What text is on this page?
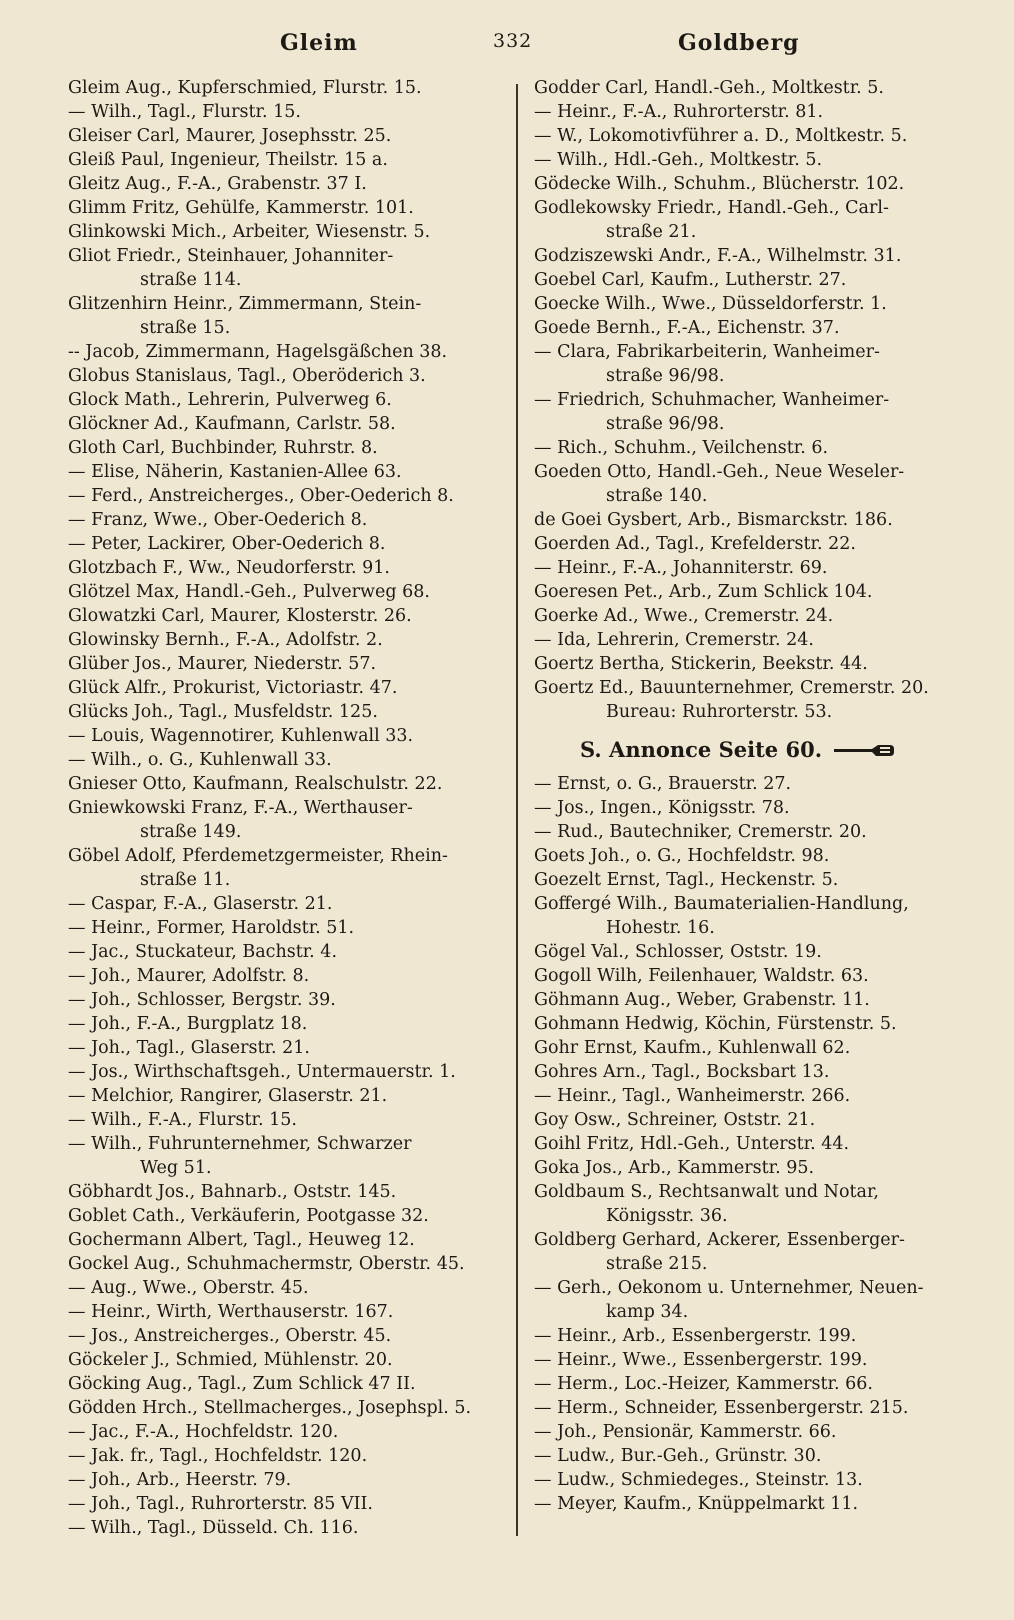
Gleim	332	Goldberg
Gleim Aug., Kupferschmied, Flurstr. 15.
— Wilh., Tagl., Flurstr. 15.
Gleiser Carl, Maurer, Josephsstr. 25.
Gleiß Paul, Ingenieur, Theilstr. 15 a.
Gleitz Aug., F.-A., Grabenstr. 37 I.
Glimm Fritz, Gehülfe, Kammerstr. 101.
Glinkowski Mich., Arbeiter, Wiesenstr. 5.
Gliot Friedr., Steinhauer, Johanniter-
straße 114.
Glitzenhirn Heinr., Zimmermann, Stein-
straße 15.
-- Jacob, Zimmermann, Hagelsgäßchen 38.
Globus Stanislaus, Tagl., Oberöderich 3.
Glock Math., Lehrerin, Pulverweg 6.
Glöckner Ad., Kaufmann, Carlstr. 58.
Gloth Carl, Buchbinder, Ruhrstr. 8.
— Elise, Näherin, Kastanien-Allee 63.
— Ferd., Anstreicherges., Ober-Oederich 8.
— Franz, Wwe., Ober-Oederich 8.
— Peter, Lackirer, Ober-Oederich 8.
Glotzbach F., Ww., Neudorferstr. 91.
Glötzel Max, Handl.-Geh., Pulverweg 68.
Glowatzki Carl, Maurer, Klosterstr. 26.
Glowinsky Bernh., F.-A., Adolfstr. 2.
Glüber Jos., Maurer, Niederstr. 57.
Glück Alfr., Prokurist, Victoriastr. 47.
Glücks Joh., Tagl., Musfeldstr. 125.
— Louis, Wagennotirer, Kuhlenwall 33.
— Wilh., o. G., Kuhlenwall 33.
Gnieser Otto, Kaufmann, Realschulstr. 22.
Gniewkowski Franz, F.-A., Werthauser-
straße 149.
Göbel Adolf, Pferdemetzgermeister, Rhein-
straße 11.
— Caspar, F.-A., Glaserstr. 21.
— Heinr., Former, Haroldstr. 51.
— Jac., Stuckateur, Bachstr. 4.
— Joh., Maurer, Adolfstr. 8.
— Joh., Schlosser, Bergstr. 39.
— Joh., F.-A., Burgplatz 18.
— Joh., Tagl., Glaserstr. 21.
— Jos., Wirthschaftsgeh., Untermauerstr. 1.
— Melchior, Rangirer, Glaserstr. 21.
— Wilh., F.-A., Flurstr. 15.
— Wilh., Fuhrunternehmer, Schwarzer
Weg 51.
Göbhardt Jos., Bahnarb., Oststr. 145.
Goblet Cath., Verkäuferin, Pootgasse 32.
Gochermann Albert, Tagl., Heuweg 12.
Gockel Aug., Schuhmachermstr, Oberstr. 45.
— Aug., Wwe., Oberstr. 45.
— Heinr., Wirth, Werthauserstr. 167.
— Jos., Anstreicherges., Oberstr. 45.
Göckeler J., Schmied, Mühlenstr. 20.
Göcking Aug., Tagl., Zum Schlick 47 II.
Gödden Hrch., Stellmacherges., Josephspl. 5.
— Jac., F.-A., Hochfeldstr. 120.
— Jak. fr., Tagl., Hochfeldstr. 120.
— Joh., Arb., Heerstr. 79.
— Joh., Tagl., Ruhrorterstr. 85 VII.
— Wilh., Tagl., Düsseld. Ch. 116.
Godder Carl, Handl.-Geh., Moltkestr. 5.
— Heinr., F.-A., Ruhrorterstr. 81.
— W., Lokomotivführer a. D., Moltkestr. 5.
— Wilh., Hdl.-Geh., Moltkestr. 5.
Gödecke Wilh., Schuhm., Blücherstr. 102.
Godlekowsky Friedr., Handl.-Geh., Carl-
straße 21.
Godziszewski Andr., F.-A., Wilhelmstr. 31.
Goebel Carl, Kaufm., Lutherstr. 27.
Goecke Wilh., Wwe., Düsseldorferstr. 1.
Goede Bernh., F.-A., Eichenstr. 37.
— Clara, Fabrikarbeiterin, Wanheimer-
straße 96/98.
— Friedrich, Schuhmacher, Wanheimer-
straße 96/98.
— Rich., Schuhm., Veilchenstr. 6.
Goeden Otto, Handl.-Geh., Neue Weseler-
straße 140.
de Goei Gysbert, Arb., Bismarckstr. 186.
Goerden Ad., Tagl., Krefelderstr. 22.
— Heinr., F.-A., Johanniterstr. 69.
Goeresen Pet., Arb., Zum Schlick 104.
Goerke Ad., Wwe., Cremerstr. 24.
— Ida, Lehrerin, Cremerstr. 24.
Goertz Bertha, Stickerin, Beekstr. 44.
Goertz Ed., Bauunternehmer, Cremerstr. 20.
Bureau: Ruhrorterstr. 53.
S. Annonce Seite 60.
— Ernst, o. G., Brauerstr. 27.
— Jos., Ingen., Königsstr. 78.
— Rud., Bautechniker, Cremerstr. 20.
Goets Joh., o. G., Hochfeldstr. 98.
Goezelt Ernst, Tagl., Heckenstr. 5.
Goffergé Wilh., Baumaterialien-Handlung,
Hohestr. 16.
Gögel Val., Schlosser, Oststr. 19.
Gogoll Wilh, Feilenhauer, Waldstr. 63.
Göhmann Aug., Weber, Grabenstr. 11.
Gohmann Hedwig, Köchin, Fürstenstr. 5.
Gohr Ernst, Kaufm., Kuhlenwall 62.
Gohres Arn., Tagl., Bocksbart 13.
— Heinr., Tagl., Wanheimerstr. 266.
Goy Osw., Schreiner, Oststr. 21.
Goihl Fritz, Hdl.-Geh., Unterstr. 44.
Goka Jos., Arb., Kammerstr. 95.
Goldbaum S., Rechtsanwalt und Notar,
Königsstr. 36.
Goldberg Gerhard, Ackerer, Essenberger-
straße 215.
— Gerh., Oekonom u. Unternehmer, Neuen-
kamp 34.
— Heinr., Arb., Essenbergerstr. 199.
— Heinr., Wwe., Essenbergerstr. 199.
— Herm., Loc.-Heizer, Kammerstr. 66.
— Herm., Schneider, Essenbergerstr. 215.
— Joh., Pensionär, Kammerstr. 66.
— Ludw., Bur.-Geh., Grünstr. 30.
— Ludw., Schmiedeges., Steinstr. 13.
— Meyer, Kaufm., Knüppelmarkt 11.
